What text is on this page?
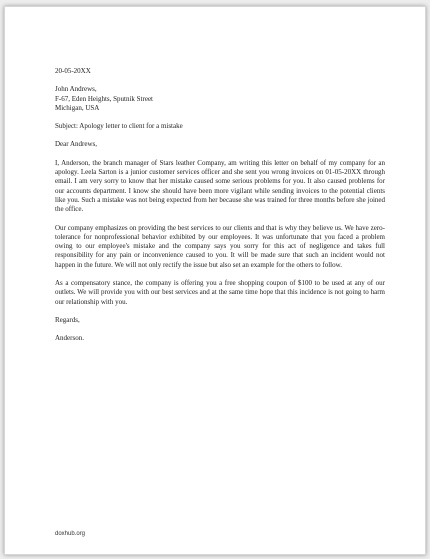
20-05-20XX

John Andrews,
F-67, Eden Heights, Sputnik Street
Michigan, USA

Subject: Apology letter to client for a mistake

Dear Andrews,

I, Anderson, the branch manager of Stars leather Company, am writing this letter on behalf of my company for an apology. Leela Sarton is a junior customer services officer and she sent you wrong invoices on 01-05-20XX through email. I am very sorry to know that her mistake caused some serious problems for you. It also caused problems for our accounts department. I know she should have been more vigilant while sending invoices to the potential clients like you. Such a mistake was not being expected from her because she was trained for three months before she joined the office.

Our company emphasizes on providing the best services to our clients and that is why they believe us. We have zero-tolerance for nonprofessional behavior exhibited by our employees. It was unfortunate that you faced a problem owing to our employee's mistake and the company says you sorry for this act of negligence and takes full responsibility for any pain or inconvenience caused to you. It will be made sure that such an incident would not happen in the future. We will not only rectify the issue but also set an example for the others to follow.

As a compensatory stance, the company is offering you a free shopping coupon of $100 to be used at any of our outlets. We will provide you with our best services and at the same time hope that this incidence is not going to harm our relationship with you.

Regards,

Anderson.

doxhub.org
